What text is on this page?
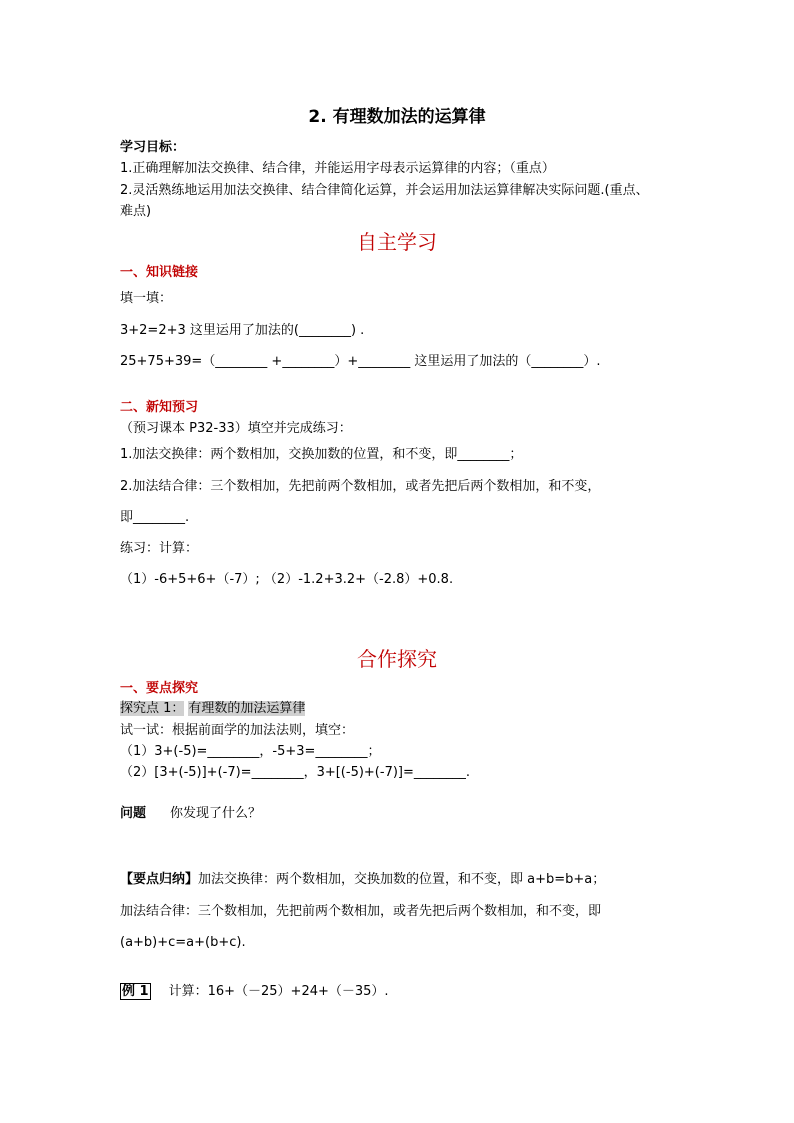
2. 有理数加法的运算律
学习目标：
1.正确理解加法交换律、结合律，并能运用字母表示运算律的内容；（重点）
2.灵活熟练地运用加法交换律、结合律简化运算，并会运用加法运算律解决实际问题.(重点、
难点)
自主学习
一、知识链接
填一填：
3+2=2+3 这里运用了加法的(________) .
25+75+39=（________ +________）+________ 这里运用了加法的（________）.
二、新知预习
（预习课本 P32-33）填空并完成练习：
1.加法交换律：两个数相加，交换加数的位置，和不变，即________；
2.加法结合律：三个数相加，先把前两个数相加，或者先把后两个数相加，和不变，
即________.
练习：计算：
（1）-6+5+6+（-7）; （2）-1.2+3.2+（-2.8）+0.8.
合作探究
一、要点探究
探究点 1： 有理数的加法运算律
试一试：根据前面学的加法法则，填空：
（1）3+(-5)=________，-5+3=________；
（2）[3+(-5)]+(-7)=________，3+[(-5)+(-7)]=________.
问题 你发现了什么？
【要点归纳】加法交换律：两个数相加，交换加数的位置，和不变，即 a+b=b+a；
加法结合律：三个数相加，先把前两个数相加，或者先把后两个数相加，和不变，即
(a+b)+c=a+(b+c).
例 1 计算：16+（－25）+24+（－35）.
